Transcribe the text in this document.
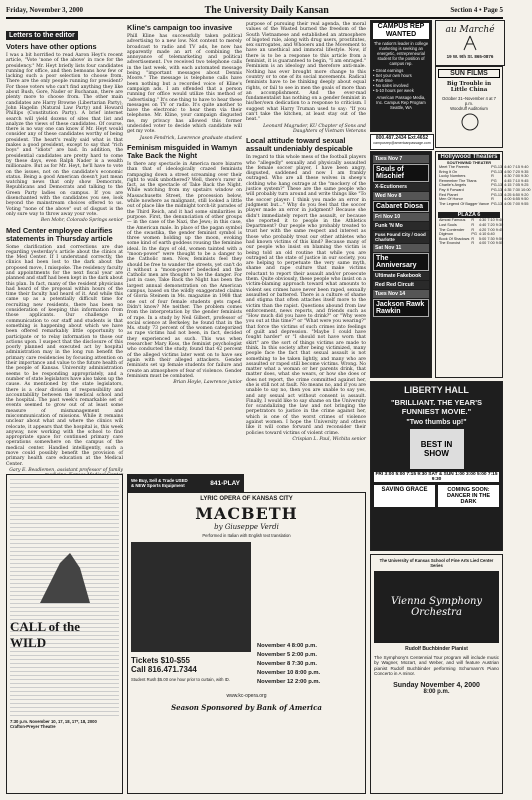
Friday, November 3, 2000	The University Daily Kansan	Section 4 • Page 5
Letters to the editor
Voters have other options

I was a bit horrified to read Aaron Heyt's recent article, "Vote 'none of the above' in race for the presidency." Mr. Heyt briefly lists four candidates running for office, and then bemoans how few or lacking such a poor selection to choose from. There are the only people running for president? For those voters who can't find anything they like about Bush, Gore, Nader or Buchanan, there are plenty more to choose from. The other main candidates are Harry Browne (Libertarian Party), John Hagelin (Natural Law Party) and Howard Phillips (Constitution Party). A brief internet search will yield dozens of sites that list and analyze the views of these candidates. Of course, there is no way one can know if Mr. Heyt would consider any of these candidates worthy of being president. The heart's really said what is that makes a good president, except to say that "rich boys" and "idiots" are bad. In addition, the presidential candidates are pretty hard to come by these days, even Ralph Nader is a wealth millionaire. But as for Mr. Heyt, he'll have to vote on the issues, not on the candidate's economic status. Being a good American doesn't just mean watching news that only show Democrats, Republicans and Democrats and talking to the Green Party ladies on campus. If you are disenchanted with the candidates you see, look beyond the mainstream choices offered to us. Voting "none of the above" out of disgust is the only sure way to throw away your vote.

Ben Mohr, Colorado Springs senior
Med Center employee clarifies statements in Thursday article

Some clarification and corrections are due regarding yesterday's article about the clinics at the Med Center. If I understand correctly, the clinics had been lost to the dark about the proposed move, I misspoke. The residency faculty and appointments for the next fiscal year are planned and staff had been kept in the dark about this plan. In fact, many of the resident physicians had heard of the proposal within hours of the time their faculty had heard of it. And while this came up as a potentially difficult time for recruiting new residents, there has been no consideration of keeping this information from those applicants. Our challenge in communication to our staff and students is that something is happening about which we have been offered remarkably little opportunity to participate or to relay information to those our actions upon. I suspect that the disclosure of this poorly planned and executed act by hospital administration may in the long run benefit the primary care residencies by focusing attention on their importance and value to the future health of the people of Kansas. University administration seems to be responding appropriately, and a number of state legislators have also taken up the cause. As mentioned by the state legislators, there is a clear division of responsibility and accountability between the medical school and the hospital. The past week's remarkable set of events seemed to grow out of at least some measure of mismanagement and miscommunication of missions. While it remains unclear about what and where the clinics will relocate, it appears that the hospital is, this week anyway, now working with the school to find appropriate space for continued primary care operations somewhere on the campus of the medical center. Handled intelligently, such a move could possibly benefit the provision of primary health care education at the Medical Center.

Gary E. Beadlemen, assistant professor of family
Kline's campaign too invasive

Phill Kline has successfully taken political advertising to a new low. Not content to merely broadcast to radio and TV ads, he now has apparently made an art of combining the annoyance of telemarketing and political advertisement. I've received two telephone calls in the last week, with each automated message being "important messages about Dennis Moore." The message is telephone calls have been nothing but a recorded voice of Kline's campaign ads. I am offended that a person running for office would utilize this method of "advertising." It's one thing to have to hear these messages on TV or radio. It's quite another to have the electronic to hear them via their telephone. Mr. Kline, your campaign disgusted me, my privacy has allowed this former undecided voter to decide which candidate will get my vote.

Jason Fendrick, Lawrence graduate student
Feminism misguided in Wamyn Take Back the Night

Is there any spectacle in America more bizarre than that of ideologically crazed feminists rampaging down a street screaming over their right to walk unbothered? Well, there's rarer in fact, as the spectacle of Take Back the Night. While watching from my upstairs window on Massachusetts Street, the procession below, while nowhere as malignant, still looked a little out of place like the midnight torch-lit parades of the Third Reich, and it had some similarities in purpose. First, the denunciation of other groups — in the case of the Nazi, the Jews; in this case, the American male. In place of the pagan symbol of the swastika, the gender feminist symbol is three women holding up the moon, evoking some kind of earth goddess rousing the feminine ideal. In the days of old, women tainted with a "moon-power" were thought to be a danger to the Catholic men. Now, feminists feel they should be free to wander the streets, yet can't do it without a "moon-power" bedecked and the Catholic men are thought to be the danger. For just in case, Take Back the Night has been the largest annual demonstration on the American campus, based on the wildly exaggerated claims of Gloria Steinem in Ms. magazine in 1988 that one out of four female students gets raped. Didn't know? Me neither. The problem comes from the interpretation by the gender feminists of rape. In a study by Neil Gilbert, professor of social science at Berkeley, he found that in the Ms. study 73 percent of the women categorized as rape victims had not been, in fact, decided they experienced as such. This was when researcher Mary Koss, the feminist psychologist who conducted the study, found that 42 percent of the alleged victims later went on to have sex again with their alleged attackers. Gender feminists set up female students for failure and create an atmosphere of fear of violence. Gender feminism must be combated.

Brian Hoyle, Lawrence junior

purpose of pursuing their real agenda, the moral values of the Wasted burned the freedom of the South Vietnamese and established an atmosphere of bigoted rule, along with drug users, prostitutes, sex surrogates, and Whooers and the Movement to have an unethical and immoral lifestyle. Now, if there is to be a response to this article from a feminist, it is guaranteed to begin, "I am enraged." Feminism is an ideology and therefore anti-male. Nothing has ever brought more change to this country or to one of its social movements. Radical feminists have to be thinking deeply about equal rights, or fail to see in men the goals of more than an accomplishment. And the ever-mad fundamentalist has nothing on a gender feminist in his/her/own dedication to a response to criticism. I suggest what Harry Truman used to say: "If you can't take the kitchen, at least stay out of the heat."

Leonard Magruder, KU Chapter of Sons and Daughters of Vietnam Veterans
Local attitude toward sexual assault undeniably despicable

In regard to this whole mess of the football players who "allegedly" sexually and physically assaulted the female soccer player, I have been angry, disgusted, saddened and now I am frankly outraged. Who are all these wolves in sheep's clothing who hang outrage at the "mockery of the justice system?" These are the same people who will probably turn around and write things like "To the soccer player: I think you made an error in judgment but..." Why do you feel that the soccer player made an error in judgment? Because she didn't immediately report the assault, or because she reported it to people in the Athletics Department? Our people who probably treated to trust her with the same respect and interest as those who probably treat our other athletes who had known victims of this kind? Because many of our people who insist on blaming the victim is being told an old routine that while you are outraged at the state of justice in our society, you are helping to perpetuate the very same myth, shame and rape culture that make victims reluctant to report their assault and/or prosecute them. Quite obviously, these people who insist on a victim-blaming approach toward what amounts to violent sex crimes have never been raped, sexually assaulted or battered. There is a culture of shame and stigma that often attaches itself more to the victim than the rapist. Questions abound from law enforcement, news reports, and friends such as "How much did you have to drink?" or "Why were you out at this time?" or "What were you wearing?" that force the victims of such crimes into feelings of guilt and depression. "Maybe I could have fought harder" or "I should not have worn that skirt" are the sort of things victims are made to think. In this society after being victimized, many people face the fact that sexual assault is not something to be taken lightly, and many who are assaulted or raped still become victims. Wrong. No matter what a woman or her parents drink, that matter does, what she wears, or how she does or does not report, the crime committed against her, she is still not at fault. No means no, and if you are unable to say no, then you are unable to say yes, and any sexual act without consent is assault. Finally, I would like to say shame on the University for scandalizing the law and not bringing the perpetrators to justice in the crime against her, which is one of the worst crimes of violence against women. I hope the University and others like it will come forward and reconsider their policies toward victims of violent crime.

Crispian L. Paul, Wichita senior
CAMPUS REP WANTED
The nation's leader in college marketing is seeking an energetic, entrepreneurial student for the position of campus rep.
• Great earnings
• Set your own hours
• Part-time
• No sales involved
• 5-10 hours per week
American Passage Media, Inc. Campus Rep Program Seattle, WA
800.487.2434 Ext.4652
campusrep@americanpassage.com
au Marché
19 W. 9th St. 865-0876
SUN FILMS
Big Trouble in Little China
October 31–November 4 at 7 p.m.
Woodruff Auditorium
Tues Nov 7
Souls of Mischief
X-Ecutioners
Wed Nov 8
Cabaret Diosa
Fri Nov 10
Funk 'N Mo
Fuss Found City / Good Charlotte
Sat Nov 11
The Anniversary
Ultimate Fakebook
Red Red Circuit
Tues Nov 14
Jackson Rawk Rawkin
Hollywood Theaters
SOUTHWIND THEATER
Meet The Parents	PG-13	4:40 7:15 9:40
Bring It On	PG-13	4:50 7:20 9:35
Lucky Numbers	R	4:30 7:00 9:30
Remember The Titans	PG	4:45 7:10 9:45
Charlie's Angels	PG-13	4:15 7:05 9:25
Pay It Forward	PG-13	4:35 7:30 10:00
Red Planet	PG-13	4:25 6:50 9:20
Men Of Honor	R	4:00 6:55 9:50
The Legend Of Bagger Vance	PG-13	4:05 7:00 9:55
PLAZA 6
Almost Famous	R	4:30 7:10 9:40
Lost Souls	R	4:40 7:20 9:30
The Contender	R	4:20 7:00 9:45
Digimon	PG	4:10 6:40
Book Of Shadows	R	5:00 7:30 9:50
The Exorcist	R	4:00 7:00 9:55
LIBERTY HALL
"BRILLIANT. THE YEAR'S FUNNIEST MOVIE."
"Two thumbs up!"
BEST IN SHOW
FRI 3:00 5:00 7:15 9:30 SAT & SUN 1:00 3:00 5:00 7:15 9:30
SAVING GRACE	COMING SOON: DANCER IN THE DARK
CALL of the WILD
7:30 p.m. November 10, 17, 18, 17*, 18, 2000
Crafton-Preyer Theatre
We Buy, Sell & Trade USED
& NEW Sports Equipment	841-PLAY
LYRIC OPERA OF KANSAS CITY
MACBETH
by Giuseppe Verdi
Performed in Italian with English text translation
Tickets $10-$55
Call 816.471.7344
Student Rush $5.00 one hour prior to curtain, with ID.
November 4 8:00 p.m.
November 5 2:00 p.m.
November 8 7:30 p.m.
November 10 8:00 p.m.
November 12 2:00 p.m.
www.kc-opera.org
Season Sponsored by Bank of America
The University of Kansas School of Fine Arts Lied Center Series
Vienna Symphony Orchestra
Rudolf Buchbinder Pianist

The Symphony's Centennial Tour program will include music by Wagner, Mozart, and Weber, and will feature Austrian pianist Rudolf Buchbinder performing Schumann's Piano Concerto in A minor.

Sunday November 4, 2000
8:00 p.m.
